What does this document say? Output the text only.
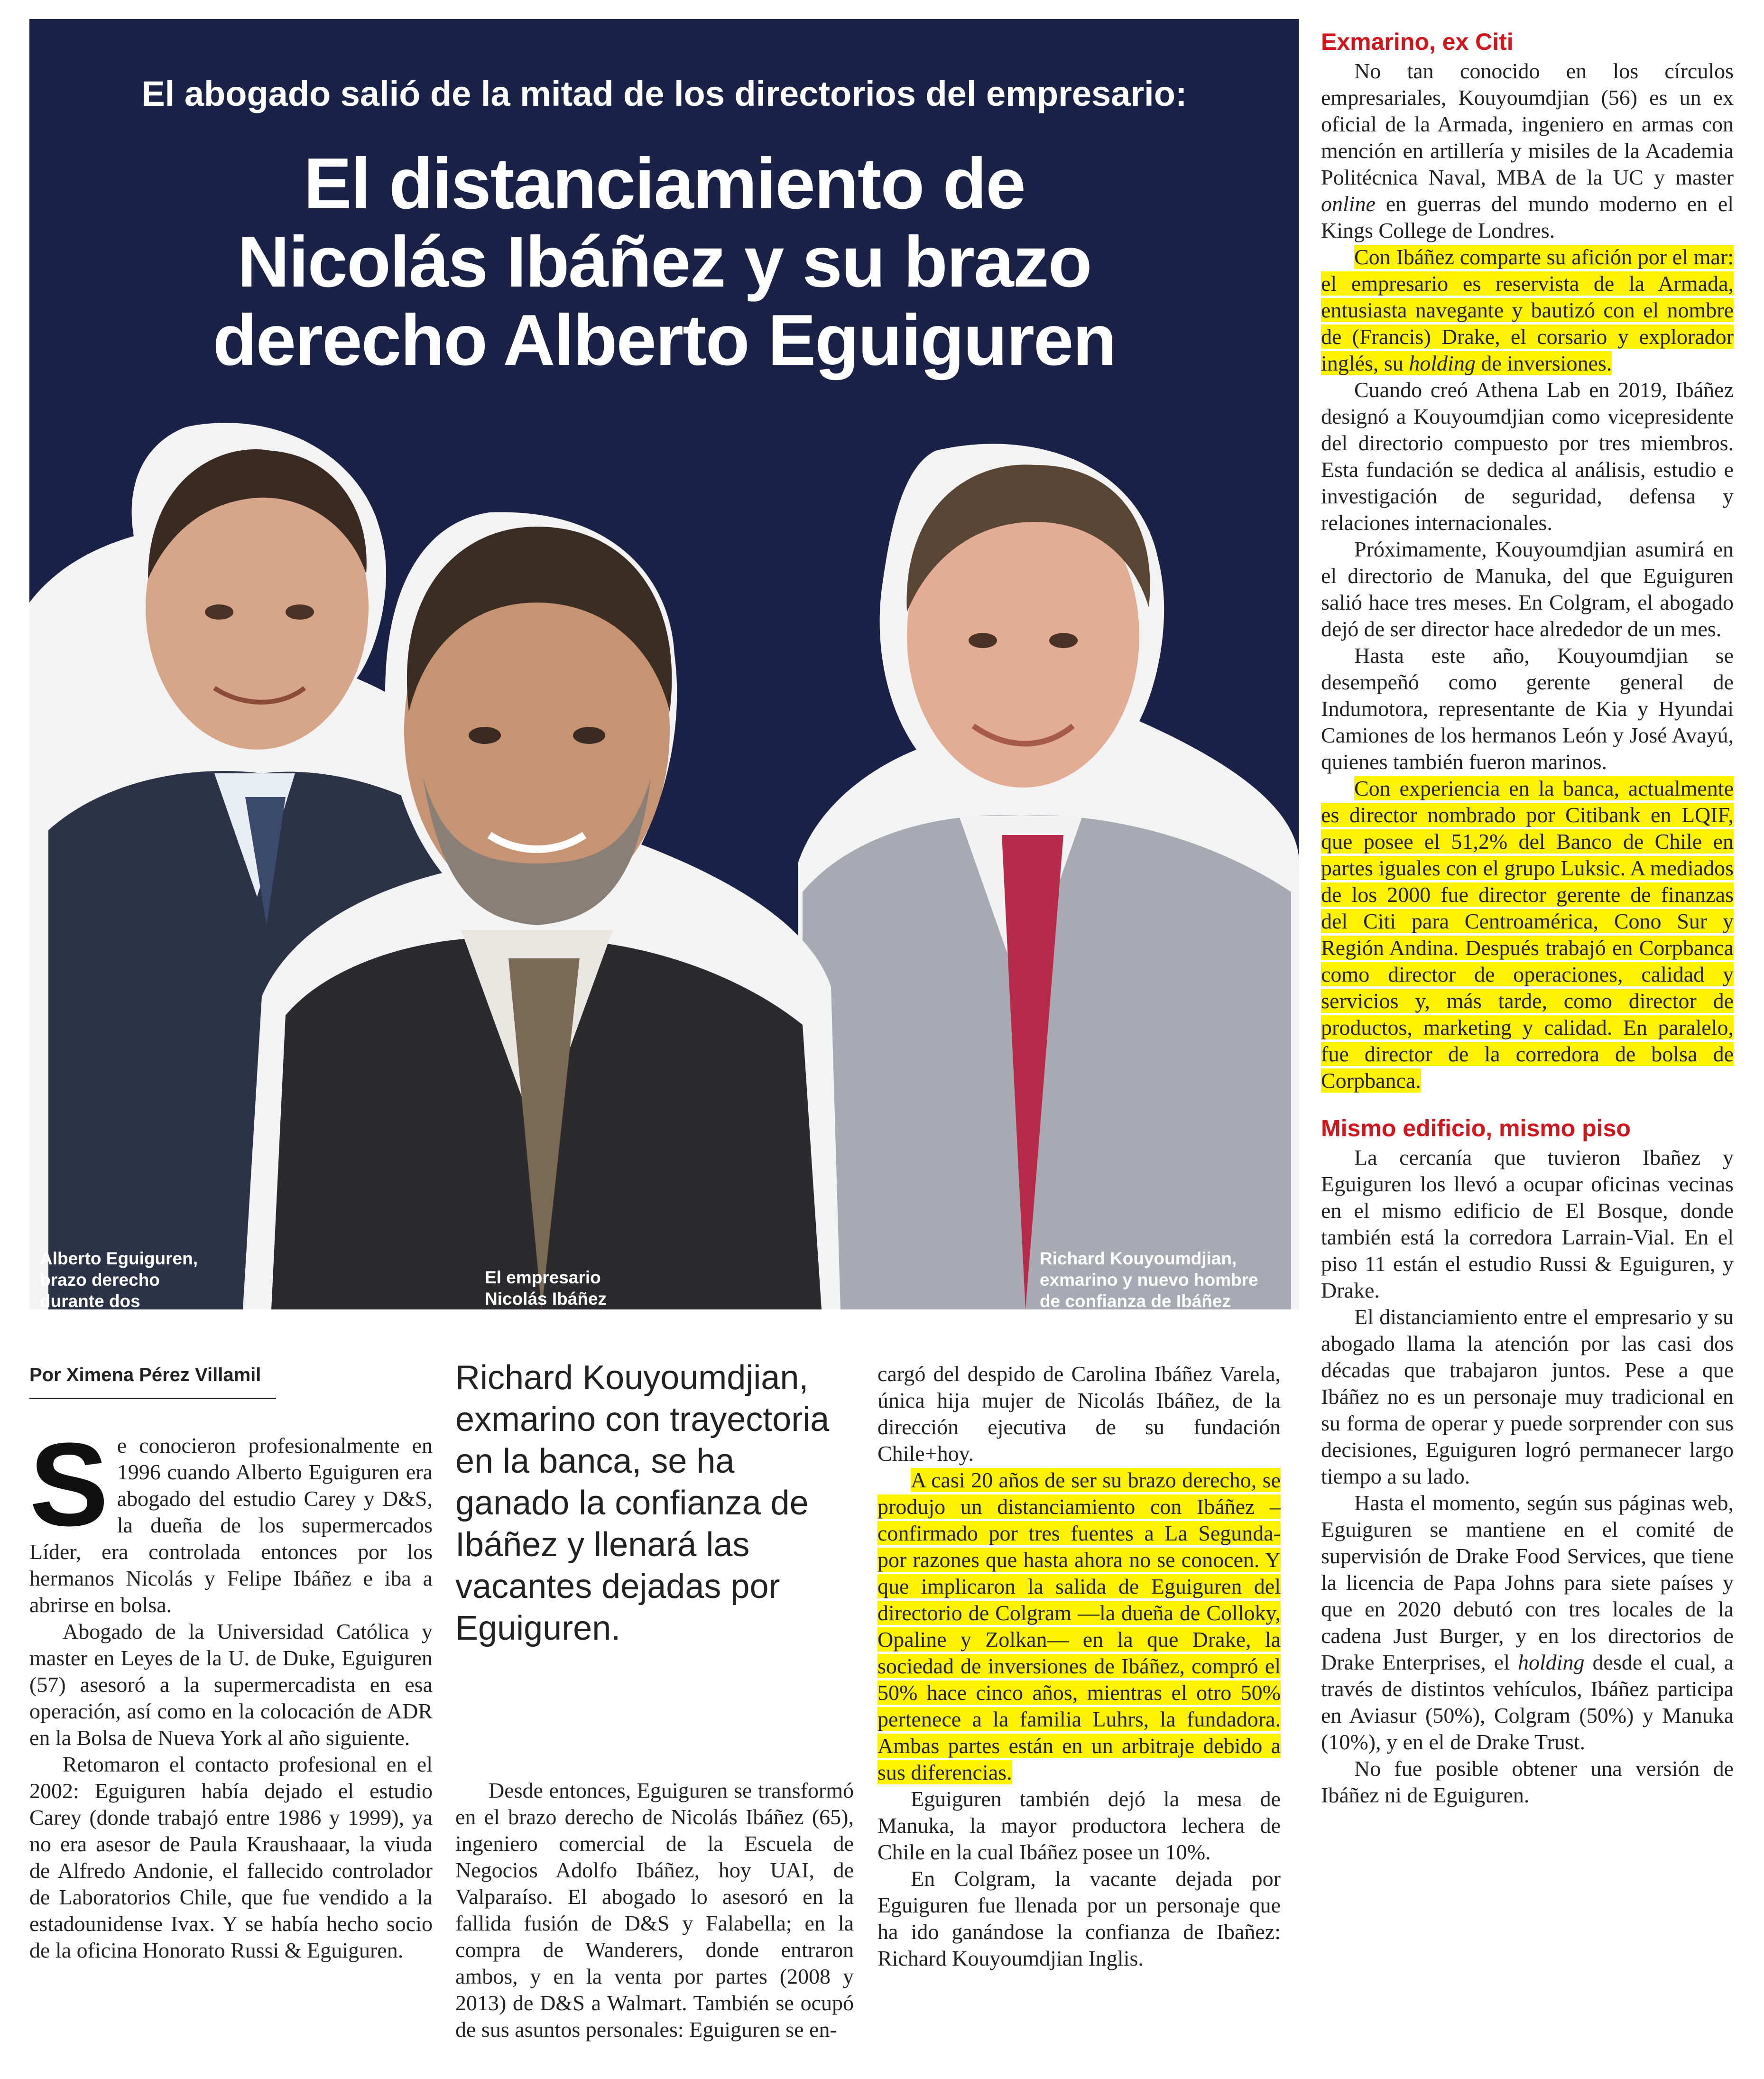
El abogado salió de la mitad de los directorios del empresario:
El distanciamiento de
Nicolás Ibáñez y su brazo
derecho Alberto Eguiguren
Alberto Eguiguren,
brazo derecho
durante dos
décadas de Ibáñez.
El empresario
Nicolás Ibáñez
Richard Kouyoumdjian,
exmarino y nuevo hombre
de confianza de Ibáñez
Por Ximena Pérez Villamil

Se conocieron profesionalmente en 1996 cuando Alberto Eguiguren era abogado del estudio Carey y D&S, la dueña de los supermercados Líder, era controlada entonces por los hermanos Nicolás y Felipe Ibáñez e iba a abrirse en bolsa.

Abogado de la Universidad Católica y master en Leyes de la U. de Duke, Eguiguren (57) asesoró a la supermercadista en esa operación, así como en la colocación de ADR en la Bolsa de Nueva York al año siguiente.

Retomaron el contacto profesional en el 2002: Eguiguren había dejado el estudio Carey (donde trabajó entre 1986 y 1999), ya no era asesor de Paula Kraushaaar, la viuda de Alfredo Andonie, el fallecido controlador de Laboratorios Chile, que fue vendido a la estadounidense Ivax. Y se había hecho socio de la oficina Honorato Russi & Eguiguren.

Richard Kouyoumdjian, exmarino con trayectoria en la banca, se ha ganado la confianza de Ibáñez y llenará las vacantes dejadas por Eguiguren.

Desde entonces, Eguiguren se transformó en el brazo derecho de Nicolás Ibáñez (65), ingeniero comercial de la Escuela de Negocios Adolfo Ibáñez, hoy UAI, de Valparaíso. El abogado lo asesoró en la fallida fusión de D&S y Falabella; en la compra de Wanderers, donde entraron ambos, y en la venta por partes (2008 y 2013) de D&S a Walmart. También se ocupó de sus asuntos personales: Eguiguren se en-

cargó del despido de Carolina Ibáñez Varela, única hija mujer de Nicolás Ibáñez, de la dirección ejecutiva de su fundación Chile+hoy.

A casi 20 años de ser su brazo derecho, se produjo un distanciamiento con Ibáñez –confirmado por tres fuentes a La Segunda- por razones que hasta ahora no se conocen. Y que implicaron la salida de Eguiguren del directorio de Colgram —la dueña de Colloky, Opaline y Zolkan— en la que Drake, la sociedad de inversiones de Ibáñez, compró el 50% hace cinco años, mientras el otro 50% pertenece a la familia Luhrs, la fundadora. Ambas partes están en un arbitraje debido a sus diferencias.

Eguiguren también dejó la mesa de Manuka, la mayor productora lechera de Chile en la cual Ibáñez posee un 10%.

En Colgram, la vacante dejada por Eguiguren fue llenada por un personaje que ha ido ganándose la confianza de Ibañez: Richard Kouyoumdjian Inglis.

Exmarino, ex Citi

No tan conocido en los círculos empresariales, Kouyoumdjian (56) es un ex oficial de la Armada, ingeniero en armas con mención en artillería y misiles de la Academia Politécnica Naval, MBA de la UC y master online en guerras del mundo moderno en el Kings College de Londres.

Con Ibáñez comparte su afición por el mar: el empresario es reservista de la Armada, entusiasta navegante y bautizó con el nombre de (Francis) Drake, el corsario y explorador inglés, su holding de inversiones.

Cuando creó Athena Lab en 2019, Ibáñez designó a Kouyoumdjian como vicepresidente del directorio compuesto por tres miembros. Esta fundación se dedica al análisis, estudio e investigación de seguridad, defensa y relaciones internacionales.

Próximamente, Kouyoumdjian asumirá en el directorio de Manuka, del que Eguiguren salió hace tres meses. En Colgram, el abogado dejó de ser director hace alrededor de un mes.

Hasta este año, Kouyoumdjian se desempeñó como gerente general de Indumotora, representante de Kia y Hyundai Camiones de los hermanos León y José Avayú, quienes también fueron marinos.

Con experiencia en la banca, actualmente es director nombrado por Citibank en LQIF, que posee el 51,2% del Banco de Chile en partes iguales con el grupo Luksic. A mediados de los 2000 fue director gerente de finanzas del Citi para Centroamérica, Cono Sur y Región Andina. Después trabajó en Corpbanca como director de operaciones, calidad y servicios y, más tarde, como director de productos, marketing y calidad. En paralelo, fue director de la corredora de bolsa de Corpbanca.

Mismo edificio, mismo piso

La cercanía que tuvieron Ibañez y Eguiguren los llevó a ocupar oficinas vecinas en el mismo edificio de El Bosque, donde también está la corredora Larrain-Vial. En el piso 11 están el estudio Russi & Eguiguren, y Drake.

El distanciamiento entre el empresario y su abogado llama la atención por las casi dos décadas que trabajaron juntos. Pese a que Ibáñez no es un personaje muy tradicional en su forma de operar y puede sorprender con sus decisiones, Eguiguren logró permanecer largo tiempo a su lado.

Hasta el momento, según sus páginas web, Eguiguren se mantiene en el comité de supervisión de Drake Food Services, que tiene la licencia de Papa Johns para siete países y que en 2020 debutó con tres locales de la cadena Just Burger, y en los directorios de Drake Enterprises, el holding desde el cual, a través de distintos vehículos, Ibáñez participa en Aviasur (50%), Colgram (50%) y Manuka (10%), y en el de Drake Trust.

No fue posible obtener una versión de Ibáñez ni de Eguiguren.
